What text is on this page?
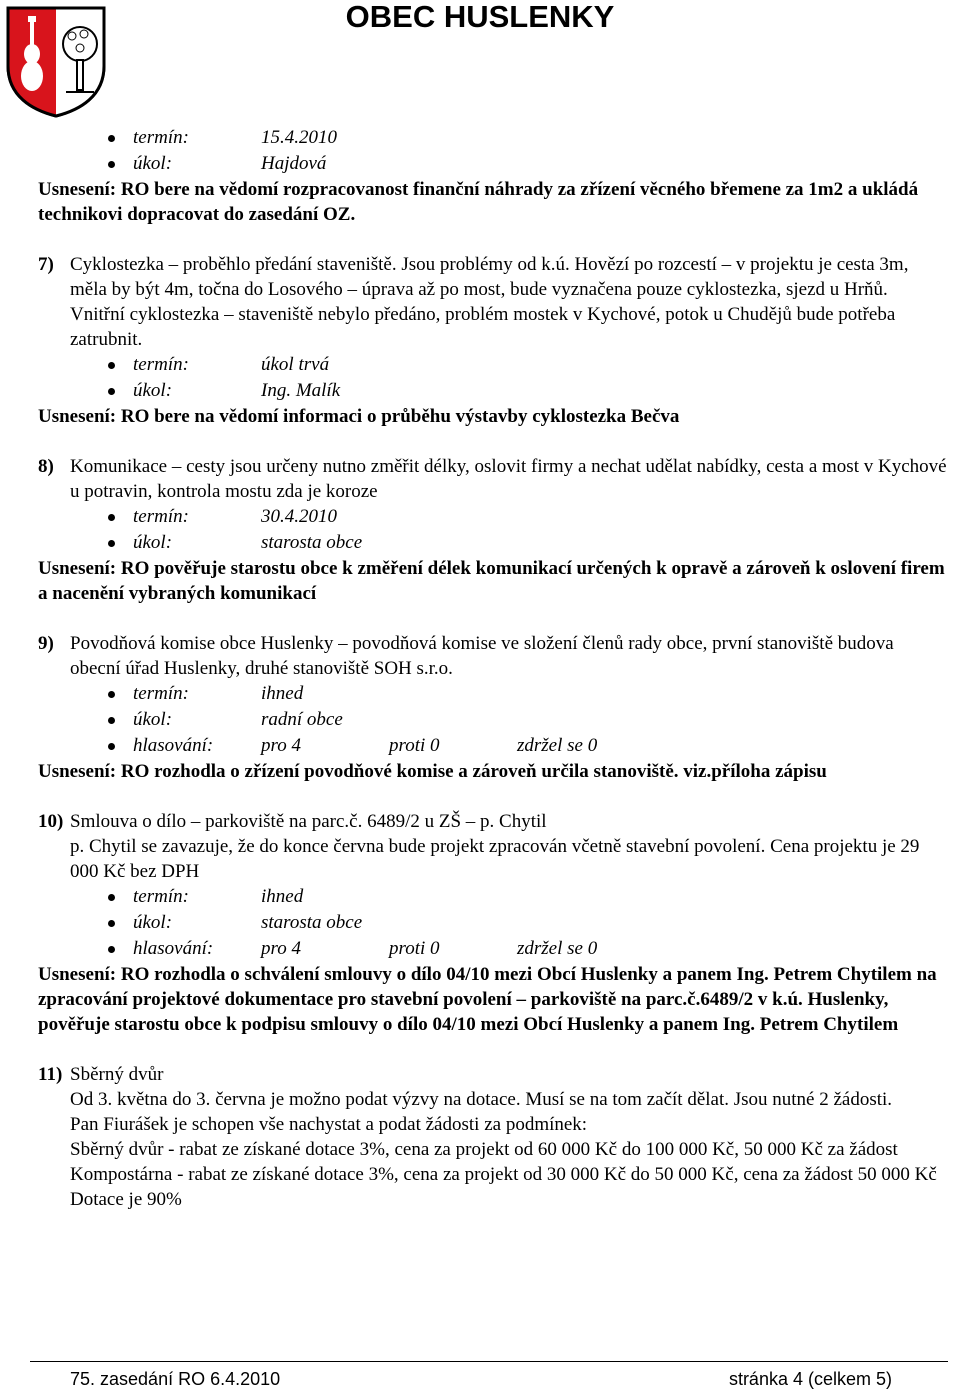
OBEC HUSLENKY
termín:	15.4.2010
úkol:	Hajdová

Usnesení: RO bere na vědomí rozpracovanost finanční náhrady za zřízení věcného břemene za 1m2 a ukládá technikovi dopracovat do zasedání OZ.

7) Cyklostezka – proběhlo předání staveniště. Jsou problémy od k.ú. Hovězí po rozcestí – v projektu je cesta 3m, měla by být 4m, točna do Losového – úprava až po most, bude vyznačena pouze cyklostezka, sjezd u Hrňů.

Vnitřní cyklostezka – staveniště nebylo předáno, problém mostek v Kychové, potok u Chudějů bude potřeba zatrubnit.

termín:	úkol trvá
úkol:	Ing. Malík

Usnesení: RO bere na vědomí informaci o průběhu výstavby cyklostezka Bečva

8) Komunikace – cesty jsou určeny nutno změřit délky, oslovit firmy a nechat udělat nabídky, cesta a most v Kychové u potravin, kontrola mostu zda je koroze

termín:	30.4.2010
úkol:	starosta obce

Usnesení: RO pověřuje starostu obce k změření délek komunikací určených k opravě a zároveň k oslovení firem a nacenění vybraných komunikací

9) Povodňová komise obce Huslenky – povodňová komise ve složení členů rady obce, první stanoviště budova obecní úřad Huslenky, druhé stanoviště SOH s.r.o.

termín:	ihned
úkol:	radní obce
hlasování:	pro 4	proti 0	zdržel se 0

Usnesení: RO rozhodla o zřízení povodňové komise a zároveň určila stanoviště. viz.příloha zápisu

10) Smlouva o dílo – parkoviště na parc.č. 6489/2 u ZŠ – p. Chytil

p. Chytil se zavazuje, že do konce června bude projekt zpracován včetně stavební povolení. Cena projektu je 29 000 Kč bez DPH

termín:	ihned
úkol:	starosta obce
hlasování:	pro 4	proti 0	zdržel se 0

Usnesení: RO rozhodla o schválení smlouvy o dílo 04/10 mezi Obcí Huslenky a panem Ing. Petrem Chytilem na zpracování projektové dokumentace pro stavební povolení – parkoviště na parc.č.6489/2 v k.ú. Huslenky, pověřuje starostu obce k podpisu smlouvy o dílo 04/10 mezi Obcí Huslenky a panem Ing. Petrem Chytilem

11) Sběrný dvůr

Od 3. května do 3. června je možno podat výzvy na dotace. Musí se na tom začít dělat. Jsou nutné 2 žádosti.

Pan Fiurášek je schopen vše nachystat a podat žádosti za podmínek:

Sběrný dvůr - rabat ze získané dotace 3%, cena za projekt od 60 000 Kč do 100 000 Kč, 50 000 Kč za žádost

Kompostárna - rabat ze získané dotace 3%, cena za projekt od 30 000 Kč do 50 000 Kč, cena za žádost 50 000 Kč

Dotace je 90%

75. zasedání RO 6.4.2010	stránka 4 (celkem 5)
